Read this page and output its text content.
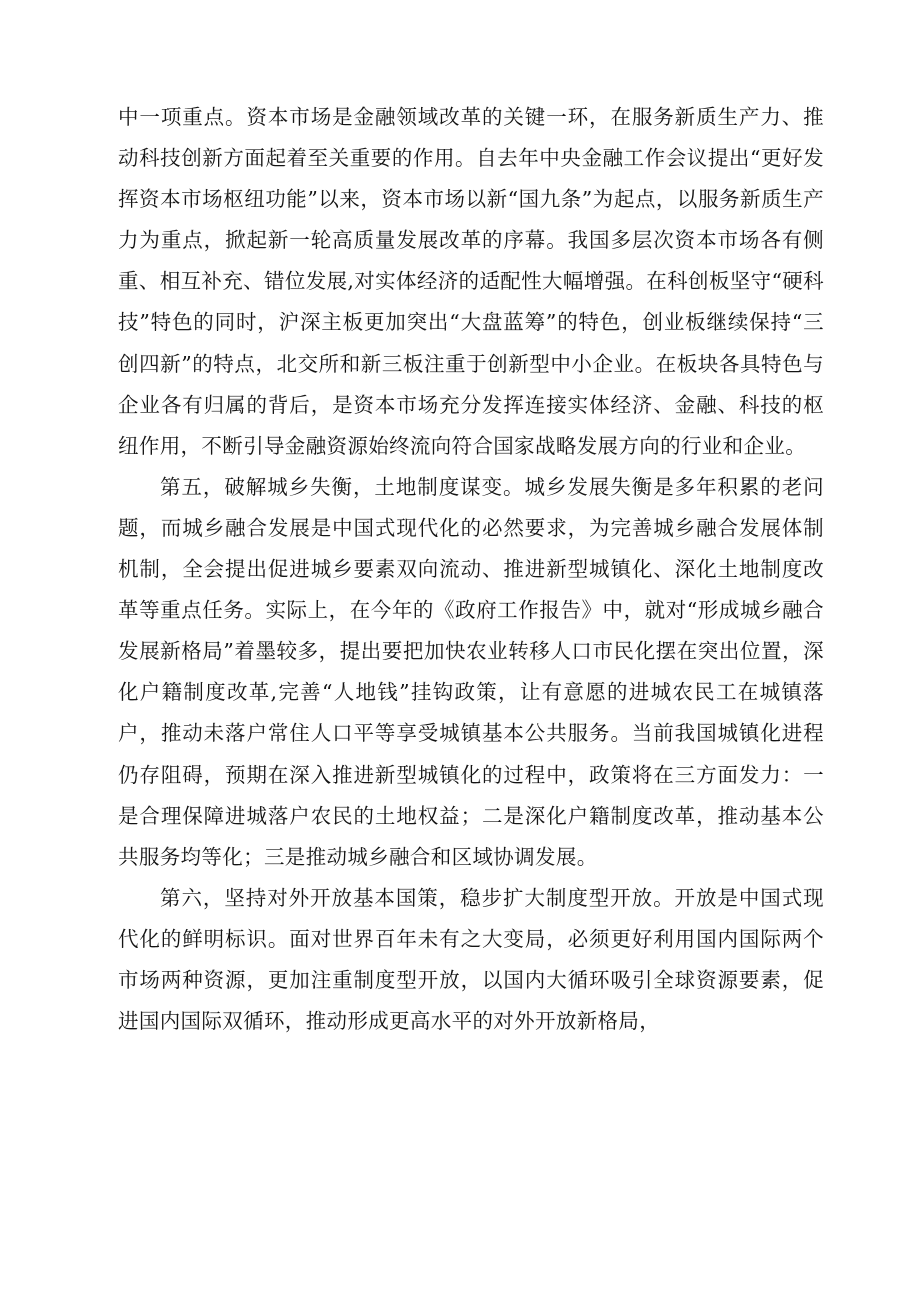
中一项重点。资本市场是金融领域改革的关键一环，在服务新质生产力、推动科技创新方面起着至关重要的作用。自去年中央金融工作会议提出“更好发挥资本市场枢纽功能”以来，资本市场以新“国九条”为起点，以服务新质生产力为重点，掀起新一轮高质量发展改革的序幕。我国多层次资本市场各有侧重、相互补充、错位发展,对实体经济的适配性大幅增强。在科创板坚守“硬科技”特色的同时，沪深主板更加突出“大盘蓝筹”的特色，创业板继续保持“三创四新”的特点，北交所和新三板注重于创新型中小企业。在板块各具特色与企业各有归属的背后，是资本市场充分发挥连接实体经济、金融、科技的枢纽作用，不断引导金融资源始终流向符合国家战略发展方向的行业和企业。

第五，破解城乡失衡，土地制度谋变。城乡发展失衡是多年积累的老问题，而城乡融合发展是中国式现代化的必然要求，为完善城乡融合发展体制机制，全会提出促进城乡要素双向流动、推进新型城镇化、深化土地制度改革等重点任务。实际上，在今年的《政府工作报告》中，就对“形成城乡融合发展新格局”着墨较多，提出要把加快农业转移人口市民化摆在突出位置，深化户籍制度改革,完善“人地钱”挂钩政策，让有意愿的进城农民工在城镇落户，推动未落户常住人口平等享受城镇基本公共服务。当前我国城镇化进程仍存阻碍，预期在深入推进新型城镇化的过程中，政策将在三方面发力：一是合理保障进城落户农民的土地权益；二是深化户籍制度改革，推动基本公共服务均等化；三是推动城乡融合和区域协调发展。

第六，坚持对外开放基本国策，稳步扩大制度型开放。开放是中国式现代化的鲜明标识。面对世界百年未有之大变局，必须更好利用国内国际两个市场两种资源，更加注重制度型开放，以国内大循环吸引全球资源要素，促进国内国际双循环，推动形成更高水平的对外开放新格局，
